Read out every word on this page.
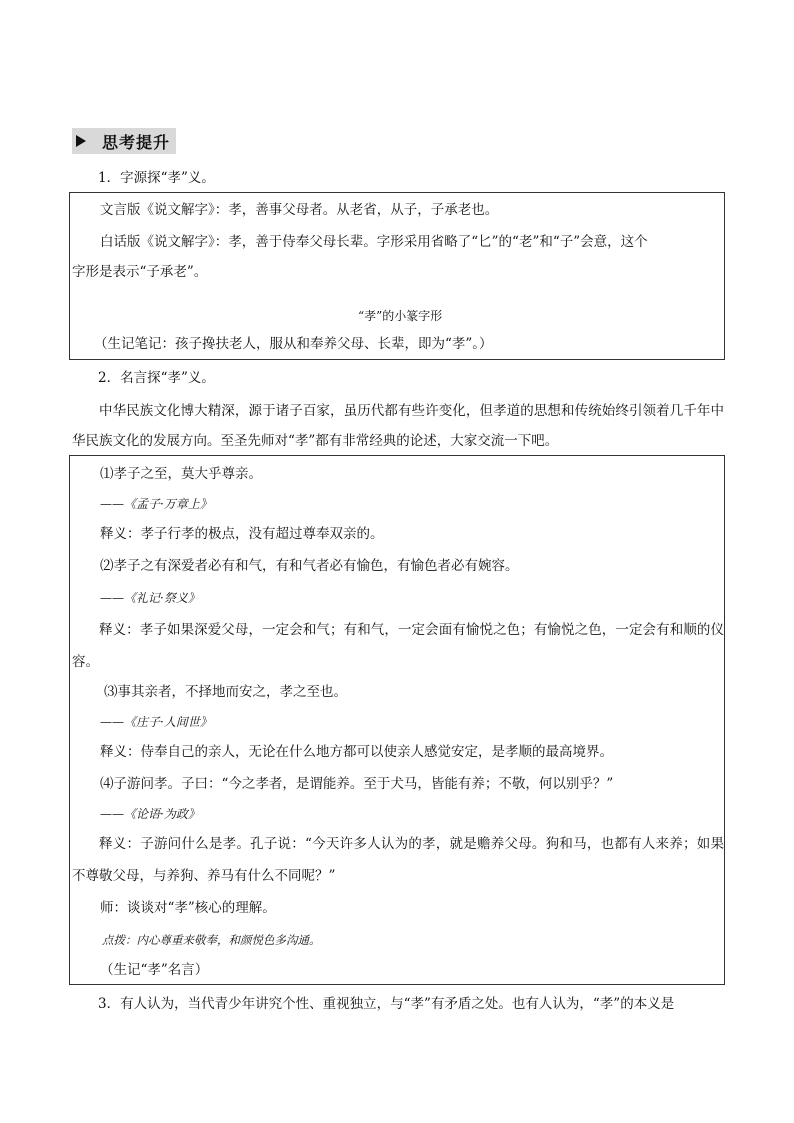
思考提升
1．字源探“孝”义。
文言版《说文解字》：孝，善事父母者。从老省，从子，子承老也。
白话版《说文解字》：孝，善于侍奉父母长辈。字形采用省略了“匕”的“老”和“子”会意，这个
字形是表示“子承老”。
“孝”的小篆字形
（生记笔记：孩子搀扶老人，服从和奉养父母、长辈，即为“孝”。）
2．名言探“孝”义。
中华民族文化博大精深，源于诸子百家，虽历代都有些许变化，但孝道的思想和传统始终引领着几千年中华民族文化的发展方向。至圣先师对“孝”都有非常经典的论述，大家交流一下吧。
⑴孝子之至，莫大乎尊亲。
——《孟子·万章上》
释义：孝子行孝的极点，没有超过尊奉双亲的。
⑵孝子之有深爱者必有和气，有和气者必有愉色，有愉色者必有婉容。
——《礼记·祭义》
释义：孝子如果深爱父母，一定会和气；有和气，一定会面有愉悦之色；有愉悦之色，一定会有和顺的仪容。
⑶事其亲者，不择地而安之，孝之至也。
——《庄子·人间世》
释义：侍奉自己的亲人，无论在什么地方都可以使亲人感觉安定，是孝顺的最高境界。
⑷子游问孝。子曰：“今之孝者，是谓能养。至于犬马，皆能有养；不敬，何以别乎？”
——《论语·为政》
释义：子游问什么是孝。孔子说：“今天许多人认为的孝，就是赡养父母。狗和马，也都有人来养；如果不尊敬父母，与养狗、养马有什么不同呢？”
师：谈谈对“孝”核心的理解。
点拨：内心尊重来敬奉，和颜悦色多沟通。
（生记“孝”名言）
3．有人认为，当代青少年讲究个性、重视独立，与“孝”有矛盾之处。也有人认为，“孝”的本义是
